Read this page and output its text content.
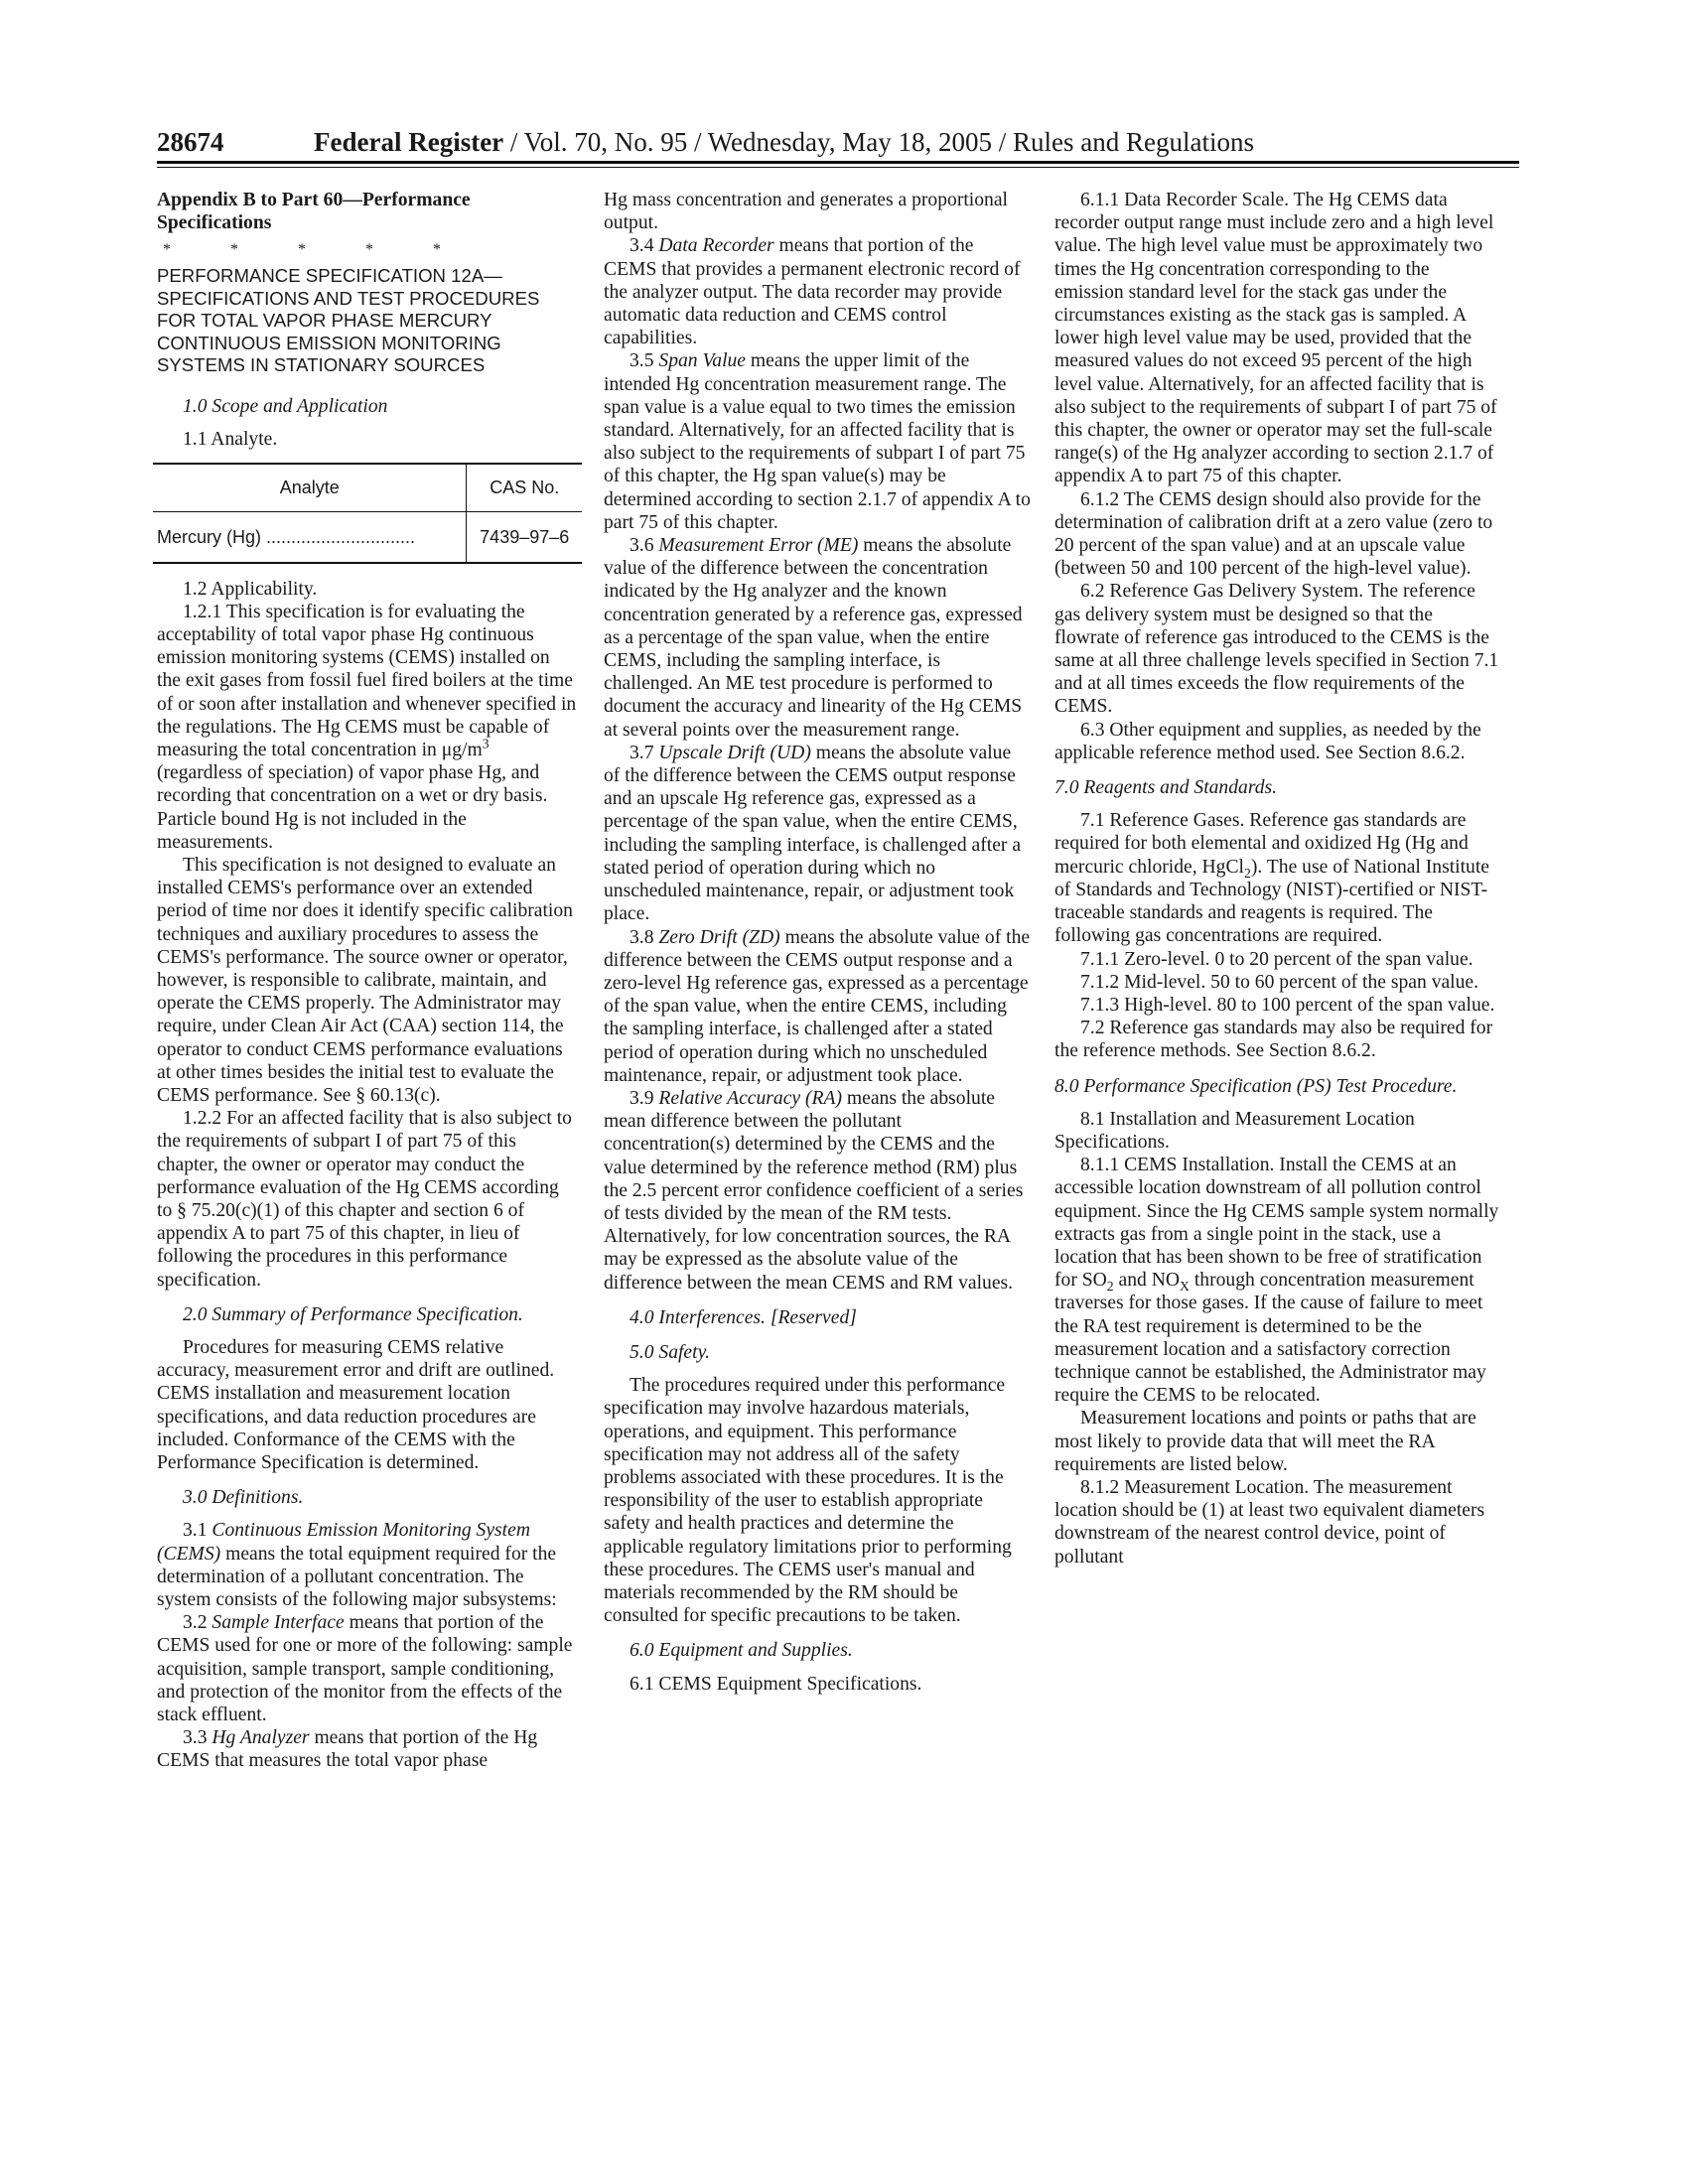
28674	Federal Register / Vol. 70, No. 95 / Wednesday, May 18, 2005 / Rules and Regulations

Appendix B to Part 60—Performance Specifications

* * * * *

PERFORMANCE SPECIFICATION 12A—SPECIFICATIONS AND TEST PROCEDURES FOR TOTAL VAPOR PHASE MERCURY CONTINUOUS EMISSION MONITORING SYSTEMS IN STATIONARY SOURCES

1.0 Scope and Application

1.1 Analyte.

Analyte	CAS No.
Mercury (Hg) ..............................	7439–97–6

1.2 Applicability.

1.2.1 This specification is for evaluating the acceptability of total vapor phase Hg continuous emission monitoring systems (CEMS) installed on the exit gases from fossil fuel fired boilers at the time of or soon after installation and whenever specified in the regulations. The Hg CEMS must be capable of measuring the total concentration in $\mu g/m^3$ (regardless of speciation) of vapor phase Hg, and recording that concentration on a wet or dry basis. Particle bound Hg is not included in the measurements.

This specification is not designed to evaluate an installed CEMS's performance over an extended period of time nor does it identify specific calibration techniques and auxiliary procedures to assess the CEMS's performance. The source owner or operator, however, is responsible to calibrate, maintain, and operate the CEMS properly. The Administrator may require, under Clean Air Act (CAA) section 114, the operator to conduct CEMS performance evaluations at other times besides the initial test to evaluate the CEMS performance. See § 60.13(c).

1.2.2 For an affected facility that is also subject to the requirements of subpart I of part 75 of this chapter, the owner or operator may conduct the performance evaluation of the Hg CEMS according to § 75.20(c)(1) of this chapter and section 6 of appendix A to part 75 of this chapter, in lieu of following the procedures in this performance specification.

2.0 Summary of Performance Specification.

Procedures for measuring CEMS relative accuracy, measurement error and drift are outlined. CEMS installation and measurement location specifications, and data reduction procedures are included. Conformance of the CEMS with the Performance Specification is determined.

3.0 Definitions.

3.1 Continuous Emission Monitoring System (CEMS) means the total equipment required for the determination of a pollutant concentration. The system consists of the following major subsystems:

3.2 Sample Interface means that portion of the CEMS used for one or more of the following: sample acquisition, sample transport, sample conditioning, and protection of the monitor from the effects of the stack effluent.

3.3 Hg Analyzer means that portion of the Hg CEMS that measures the total vapor phase

Hg mass concentration and generates a proportional output.

3.4 Data Recorder means that portion of the CEMS that provides a permanent electronic record of the analyzer output. The data recorder may provide automatic data reduction and CEMS control capabilities.

3.5 Span Value means the upper limit of the intended Hg concentration measurement range. The span value is a value equal to two times the emission standard. Alternatively, for an affected facility that is also subject to the requirements of subpart I of part 75 of this chapter, the Hg span value(s) may be determined according to section 2.1.7 of appendix A to part 75 of this chapter.

3.6 Measurement Error (ME) means the absolute value of the difference between the concentration indicated by the Hg analyzer and the known concentration generated by a reference gas, expressed as a percentage of the span value, when the entire CEMS, including the sampling interface, is challenged. An ME test procedure is performed to document the accuracy and linearity of the Hg CEMS at several points over the measurement range.

3.7 Upscale Drift (UD) means the absolute value of the difference between the CEMS output response and an upscale Hg reference gas, expressed as a percentage of the span value, when the entire CEMS, including the sampling interface, is challenged after a stated period of operation during which no unscheduled maintenance, repair, or adjustment took place.

3.8 Zero Drift (ZD) means the absolute value of the difference between the CEMS output response and a zero-level Hg reference gas, expressed as a percentage of the span value, when the entire CEMS, including the sampling interface, is challenged after a stated period of operation during which no unscheduled maintenance, repair, or adjustment took place.

3.9 Relative Accuracy (RA) means the absolute mean difference between the pollutant concentration(s) determined by the CEMS and the value determined by the reference method (RM) plus the 2.5 percent error confidence coefficient of a series of tests divided by the mean of the RM tests. Alternatively, for low concentration sources, the RA may be expressed as the absolute value of the difference between the mean CEMS and RM values.

4.0 Interferences. [Reserved]

5.0 Safety.

The procedures required under this performance specification may involve hazardous materials, operations, and equipment. This performance specification may not address all of the safety problems associated with these procedures. It is the responsibility of the user to establish appropriate safety and health practices and determine the applicable regulatory limitations prior to performing these procedures. The CEMS user's manual and materials recommended by the RM should be consulted for specific precautions to be taken.

6.0 Equipment and Supplies.

6.1 CEMS Equipment Specifications.

6.1.1 Data Recorder Scale. The Hg CEMS data recorder output range must include zero and a high level value. The high level value must be approximately two times the Hg concentration corresponding to the emission standard level for the stack gas under the circumstances existing as the stack gas is sampled. A lower high level value may be used, provided that the measured values do not exceed 95 percent of the high level value. Alternatively, for an affected facility that is also subject to the requirements of subpart I of part 75 of this chapter, the owner or operator may set the full-scale range(s) of the Hg analyzer according to section 2.1.7 of appendix A to part 75 of this chapter.

6.1.2 The CEMS design should also provide for the determination of calibration drift at a zero value (zero to 20 percent of the span value) and at an upscale value (between 50 and 100 percent of the high-level value).

6.2 Reference Gas Delivery System. The reference gas delivery system must be designed so that the flowrate of reference gas introduced to the CEMS is the same at all three challenge levels specified in Section 7.1 and at all times exceeds the flow requirements of the CEMS.

6.3 Other equipment and supplies, as needed by the applicable reference method used. See Section 8.6.2.

7.0 Reagents and Standards.

7.1 Reference Gases. Reference gas standards are required for both elemental and oxidized Hg (Hg and mercuric chloride, HgCl$_2$). The use of National Institute of Standards and Technology (NIST)-certified or NIST-traceable standards and reagents is required. The following gas concentrations are required.

7.1.1 Zero-level. 0 to 20 percent of the span value.

7.1.2 Mid-level. 50 to 60 percent of the span value.

7.1.3 High-level. 80 to 100 percent of the span value.

7.2 Reference gas standards may also be required for the reference methods. See Section 8.6.2.

8.0 Performance Specification (PS) Test Procedure.

8.1 Installation and Measurement Location Specifications.

8.1.1 CEMS Installation. Install the CEMS at an accessible location downstream of all pollution control equipment. Since the Hg CEMS sample system normally extracts gas from a single point in the stack, use a location that has been shown to be free of stratification for $SO_2$ and $NO_X$ through concentration measurement traverses for those gases. If the cause of failure to meet the RA test requirement is determined to be the measurement location and a satisfactory correction technique cannot be established, the Administrator may require the CEMS to be relocated.

Measurement locations and points or paths that are most likely to provide data that will meet the RA requirements are listed below.

8.1.2 Measurement Location. The measurement location should be (1) at least two equivalent diameters downstream of the nearest control device, point of pollutant
